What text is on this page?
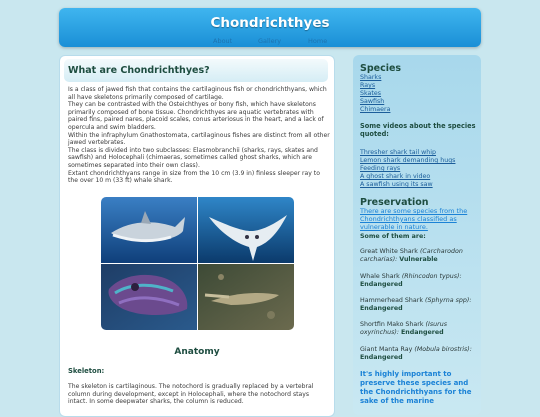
Chondrichthyes
About	Gallery	Home
What are Chondrichthyes?

Is a class of jawed fish that contains the cartilaginous fish or chondrichthyans, which all have skeletons primarily composed of cartilage.

They can be contrasted with the Osteichthyes or bony fish, which have skeletons primarily composed of bone tissue. Chondrichthyes are aquatic vertebrates with paired fins, paired nares, placoid scales, conus arteriosus in the heart, and a lack of opercula and swim bladders.

Within the infraphylum Gnathostomata, cartilaginous fishes are distinct from all other jawed vertebrates.

The class is divided into two subclasses: Elasmobranchii (sharks, rays, skates and sawfish) and Holocephali (chimaeras, sometimes called ghost sharks, which are sometimes separated into their own class).

Extant chondrichthyans range in size from the 10 cm (3.9 in) finless sleeper ray to the over 10 m (33 ft) whale shark.

Anatomy
Skeleton:
The skeleton is cartilaginous. The notochord is gradually replaced by a vertebral column during development, except in Holocephali, where the notochord stays intact. In some deepwater sharks, the column is reduced.
Species
Sharks
Rays
Skates
Sawfish
Chimaera
Some videos about the species quoted:
Thresher shark tail whip
Lemon shark demanding hugs
Feeding rays
A ghost shark in video
A sawfish using its saw
Preservation
There are some species from the Chondrichthyans classified as vulnerable in nature.
Some of them are:
Great White Shark (Carcharodon carcharias): Vulnerable
Whale Shark (Rhincodon typus):
Endangered
Hammerhead Shark (Sphyrna spp):
Endangered
Shortfin Mako Shark (Isurus oxyrinchus): Endangered
Giant Manta Ray (Mobula birostris):
Endangered
It's highly important to preserve these species and the Chondrichthyans for the sake of the marine
